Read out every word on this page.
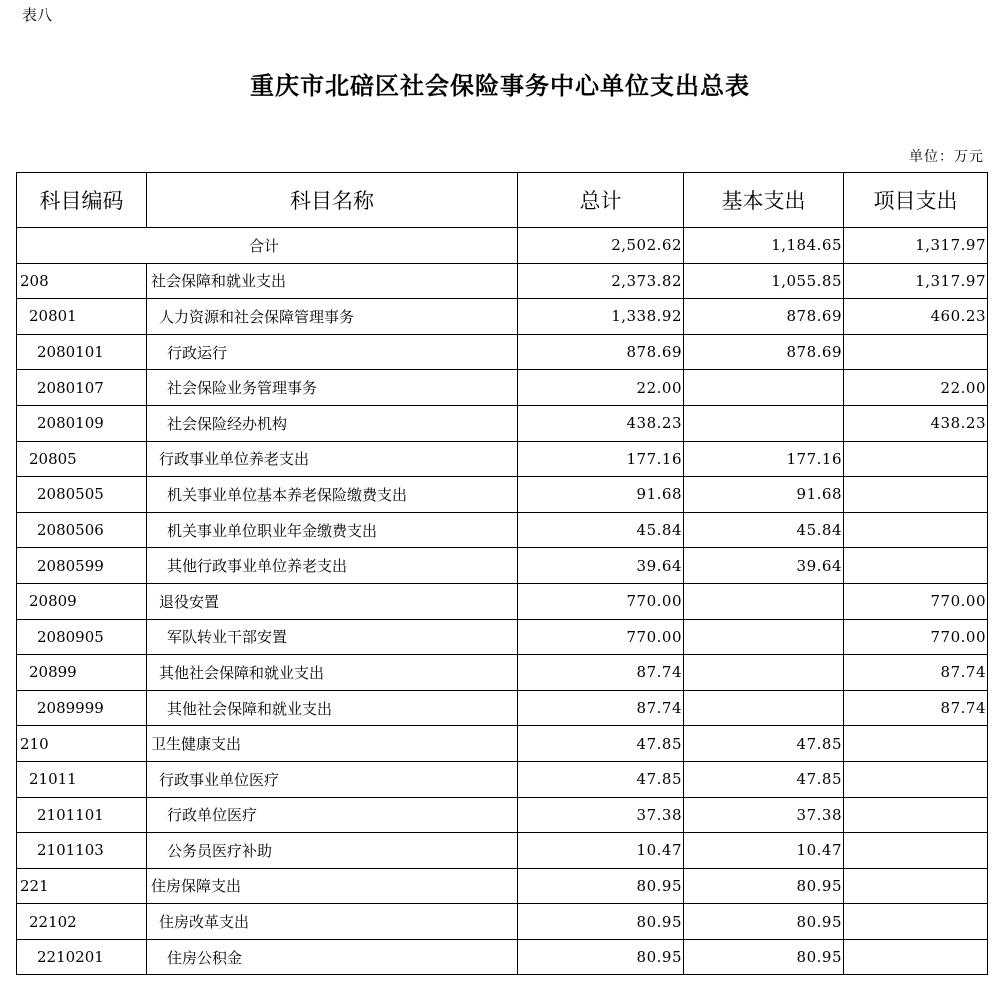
表八
重庆市北碚区社会保险事务中心单位支出总表
单位：万元
科目编码	科目名称	总计	基本支出	项目支出
合计		2,502.62	1,184.65	1,317.97
208	社会保障和就业支出	2,373.82	1,055.85	1,317.97
20801	人力资源和社会保障管理事务	1,338.92	878.69	460.23
2080101	行政运行	878.69	878.69	
2080107	社会保险业务管理事务	22.00		22.00
2080109	社会保险经办机构	438.23		438.23
20805	行政事业单位养老支出	177.16	177.16	
2080505	机关事业单位基本养老保险缴费支出	91.68	91.68	
2080506	机关事业单位职业年金缴费支出	45.84	45.84	
2080599	其他行政事业单位养老支出	39.64	39.64	
20809	退役安置	770.00		770.00
2080905	军队转业干部安置	770.00		770.00
20899	其他社会保障和就业支出	87.74		87.74
2089999	其他社会保障和就业支出	87.74		87.74
210	卫生健康支出	47.85	47.85	
21011	行政事业单位医疗	47.85	47.85	
2101101	行政单位医疗	37.38	37.38	
2101103	公务员医疗补助	10.47	10.47	
221	住房保障支出	80.95	80.95	
22102	住房改革支出	80.95	80.95	
2210201	住房公积金	80.95	80.95	
